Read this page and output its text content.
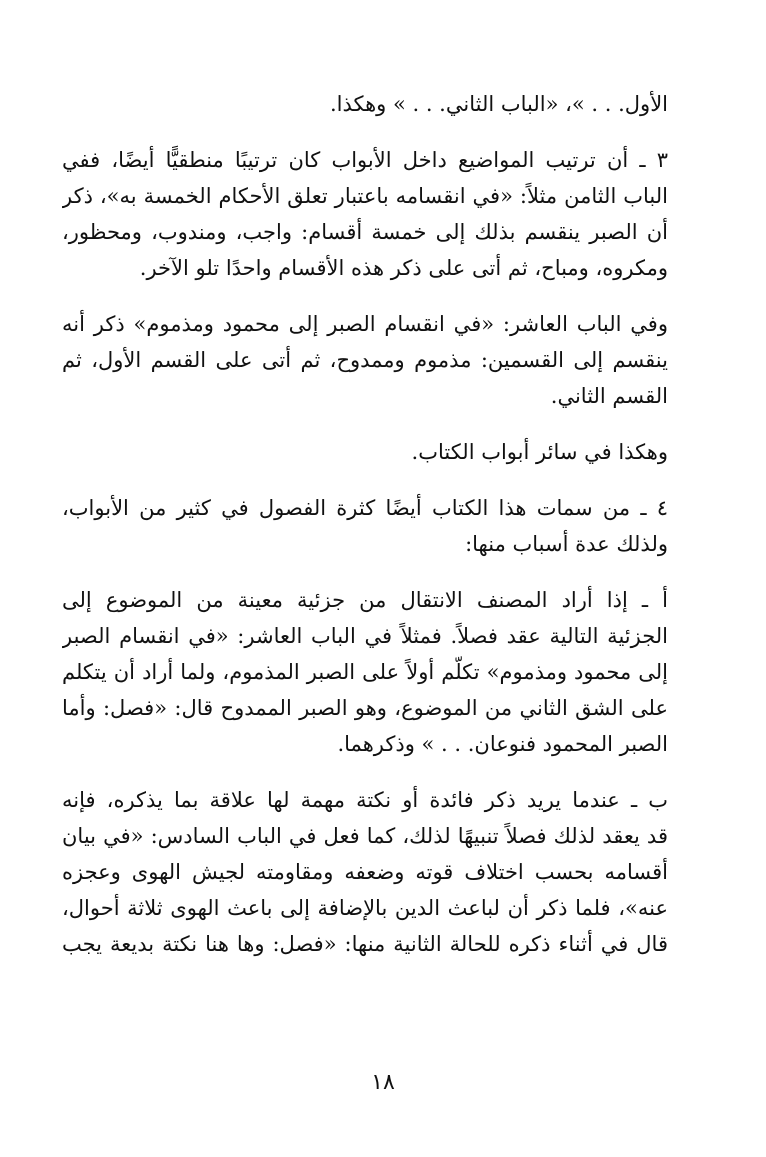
الأول. . . »، «الباب الثاني. . . » وهكذا.
٣ ـ أن ترتيب المواضيع داخل الأبواب كان ترتيبًا منطقيًّا أيضًا، ففي
الباب الثامن مثلاً: «في انقسامه باعتبار تعلق الأحكام الخمسة به»، ذكر
أن الصبر ينقسم بذلك إلى خمسة أقسام: واجب، ومندوب، ومحظور،
ومكروه، ومباح، ثم أتى على ذكر هذه الأقسام واحدًا تلو الآخر.
وفي الباب العاشر: «في انقسام الصبر إلى محمود ومذموم» ذكر أنه
ينقسم إلى القسمين: مذموم وممدوح، ثم أتى على القسم الأول، ثم
القسم الثاني.
وهكذا في سائر أبواب الكتاب.
٤ ـ من سمات هذا الكتاب أيضًا كثرة الفصول في كثير من الأبواب،
ولذلك عدة أسباب منها:
أ ـ إذا أراد المصنف الانتقال من جزئية معينة من الموضوع إلى
الجزئية التالية عقد فصلاً. فمثلاً في الباب العاشر: «في انقسام الصبر
إلى محمود ومذموم» تكلّم أولاً على الصبر المذموم، ولما أراد أن يتكلم
على الشق الثاني من الموضوع، وهو الصبر الممدوح قال: «فصل: وأما
الصبر المحمود فنوعان. . . » وذكرهما.
ب ـ عندما يريد ذكر فائدة أو نكتة مهمة لها علاقة بما يذكره، فإنه
قد يعقد لذلك فصلاً تنبيهًا لذلك، كما فعل في الباب السادس: «في بيان
أقسامه بحسب اختلاف قوته وضعفه ومقاومته لجيش الهوى وعجزه
عنه»، فلما ذكر أن لباعث الدين بالإضافة إلى باعث الهوى ثلاثة أحوال،
قال في أثناء ذكره للحالة الثانية منها: «فصل: وها هنا نكتة بديعة يجب
١٨
